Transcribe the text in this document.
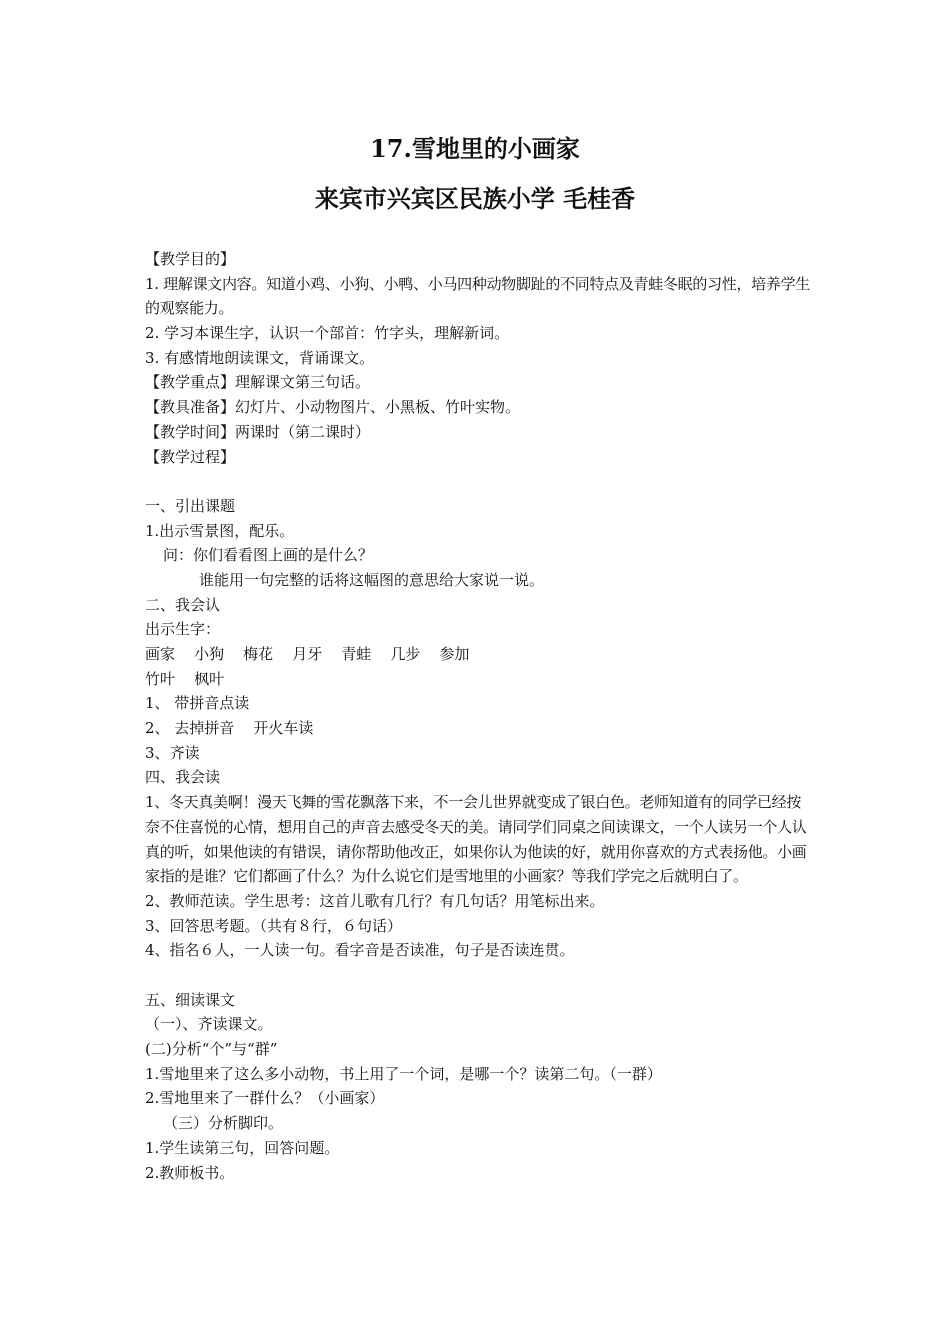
17.雪地里的小画家
来宾市兴宾区民族小学 毛桂香
【教学目的】
1. 理解课文内容。知道小鸡、小狗、小鸭、小马四种动物脚趾的不同特点及青蛙冬眠的习性，培养学生的观察能力。
2. 学习本课生字，认识一个部首：竹字头，理解新词。
3. 有感情地朗读课文，背诵课文。
【教学重点】理解课文第三句话。
【教具准备】幻灯片、小动物图片、小黑板、竹叶实物。
【教学时间】两课时（第二课时）
【教学过程】
一、引出课题
1.出示雪景图，配乐。
问：你们看看图上画的是什么？
谁能用一句完整的话将这幅图的意思给大家说一说。
二、我会认
出示生字：
画家    小狗    梅花    月牙    青蛙    几步    参加
竹叶    枫叶
1、 带拼音点读
2、 去掉拼音    开火车读
3、齐读
四、我会读
1、冬天真美啊！漫天飞舞的雪花飘落下来，不一会儿世界就变成了银白色。老师知道有的同学已经按奈不住喜悦的心情，想用自己的声音去感受冬天的美。请同学们同桌之间读课文，一个人读另一个人认真的听，如果他读的有错误，请你帮助他改正，如果你认为他读的好，就用你喜欢的方式表扬他。小画家指的是谁？它们都画了什么？为什么说它们是雪地里的小画家？等我们学完之后就明白了。
2、教师范读。学生思考：这首儿歌有几行？有几句话？用笔标出来。
3、回答思考题。（共有８行，６句话）
4、指名６人，一人读一句。看字音是否读准，句子是否读连贯。
五、细读课文
（一）、齐读课文。
(二)分析“个”与“群”
1.雪地里来了这么多小动物，书上用了一个词，是哪一个？读第二句。（一群）
2.雪地里来了一群什么？（小画家）
（三）分析脚印。
1.学生读第三句，回答问题。
2.教师板书。
